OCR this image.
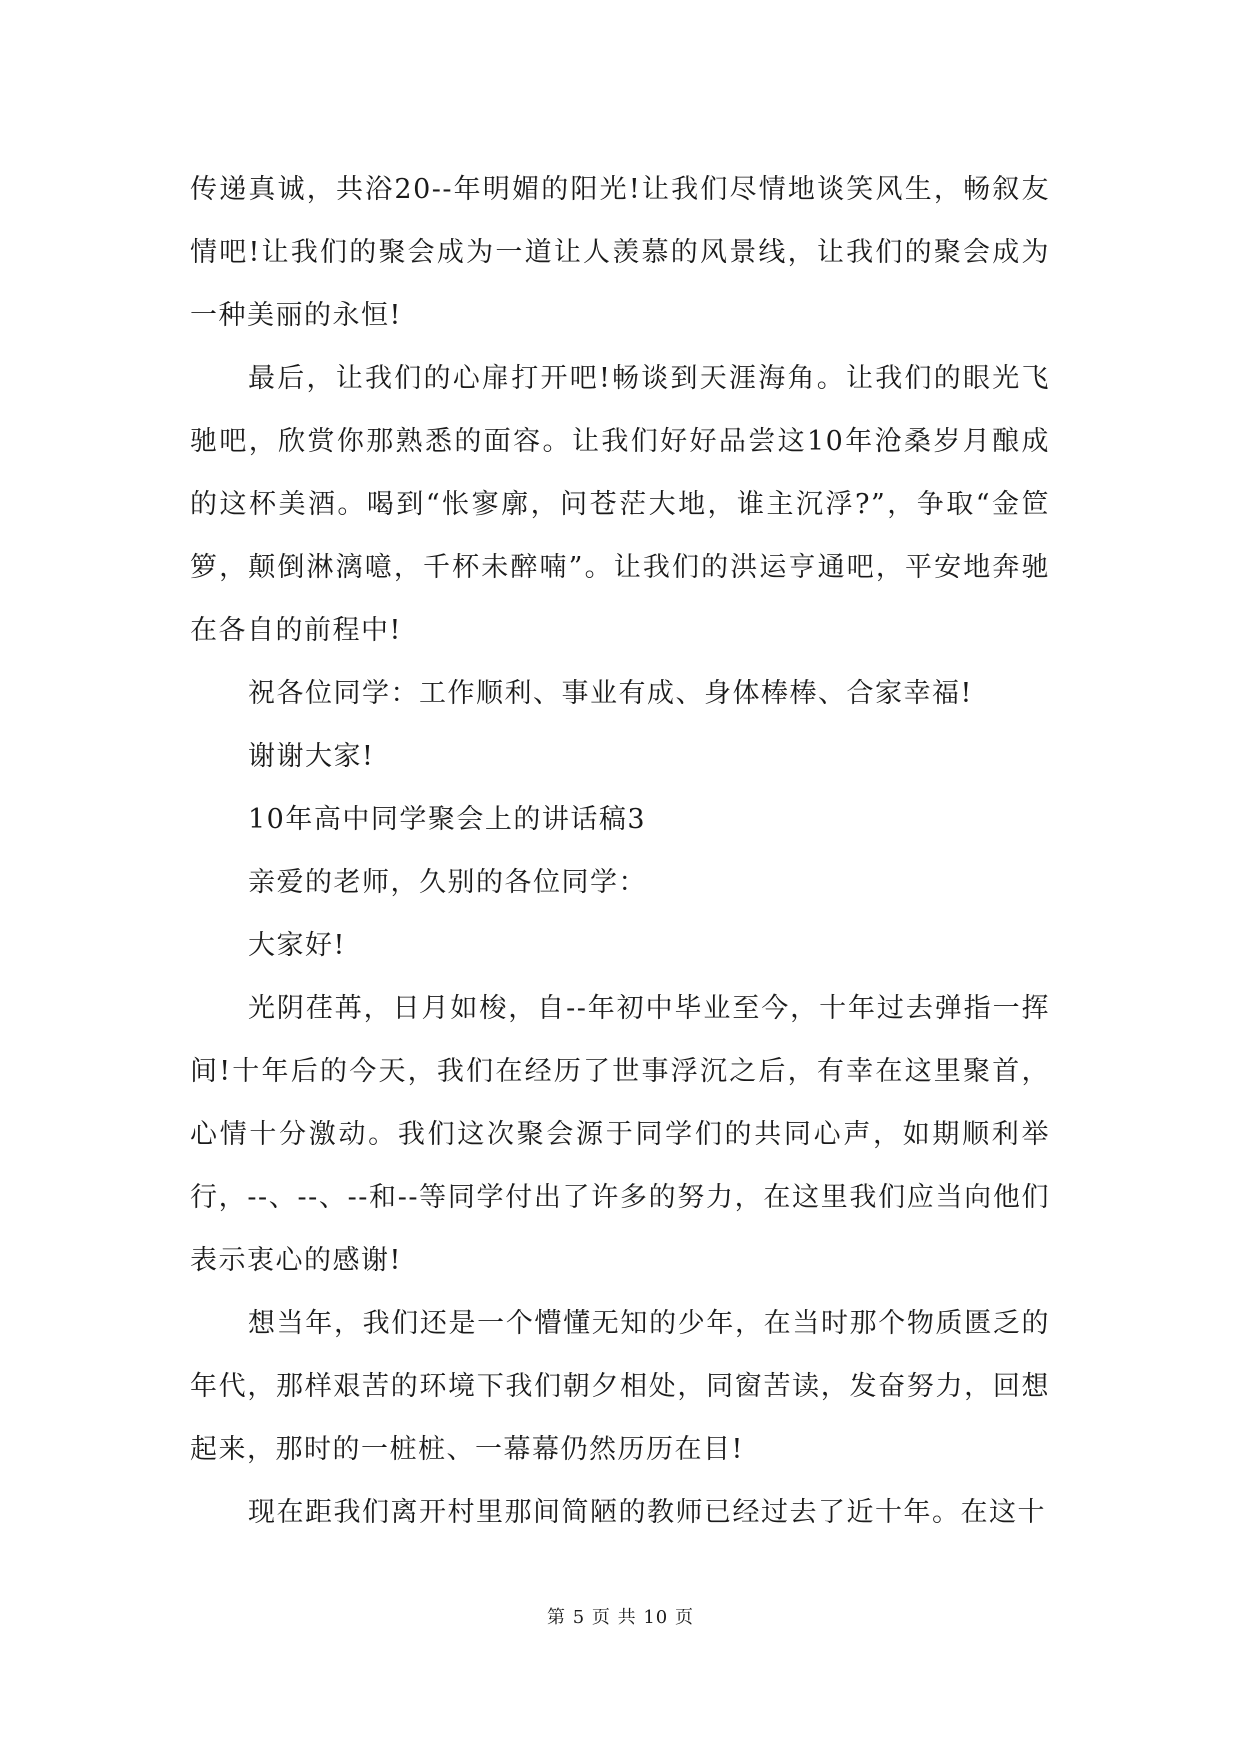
传递真诚，共浴20--年明媚的阳光!让我们尽情地谈笑风生，畅叙友情吧!让我们的聚会成为一道让人羡慕的风景线，让我们的聚会成为一种美丽的永恒!

最后，让我们的心扉打开吧!畅谈到天涯海角。让我们的眼光飞驰吧，欣赏你那熟悉的面容。让我们好好品尝这10年沧桑岁月酿成的这杯美酒。喝到“怅寥廓，问苍茫大地，谁主沉浮?”，争取“金笸箩，颠倒淋漓噫，千杯未醉喃”。让我们的洪运亨通吧，平安地奔驰在各自的前程中!

祝各位同学：工作顺利、事业有成、身体棒棒、合家幸福!

谢谢大家!

10年高中同学聚会上的讲话稿3

亲爱的老师，久别的各位同学：

大家好!

光阴荏苒，日月如梭，自--年初中毕业至今，十年过去弹指一挥间!十年后的今天，我们在经历了世事浮沉之后，有幸在这里聚首，心情十分激动。我们这次聚会源于同学们的共同心声，如期顺利举行，--、--、--和--等同学付出了许多的努力，在这里我们应当向他们表示衷心的感谢!

想当年，我们还是一个懵懂无知的少年，在当时那个物质匮乏的年代，那样艰苦的环境下我们朝夕相处，同窗苦读，发奋努力，回想起来，那时的一桩桩、一幕幕仍然历历在目!

现在距我们离开村里那间简陋的教师已经过去了近十年。在这十

第 5 页 共 10 页
